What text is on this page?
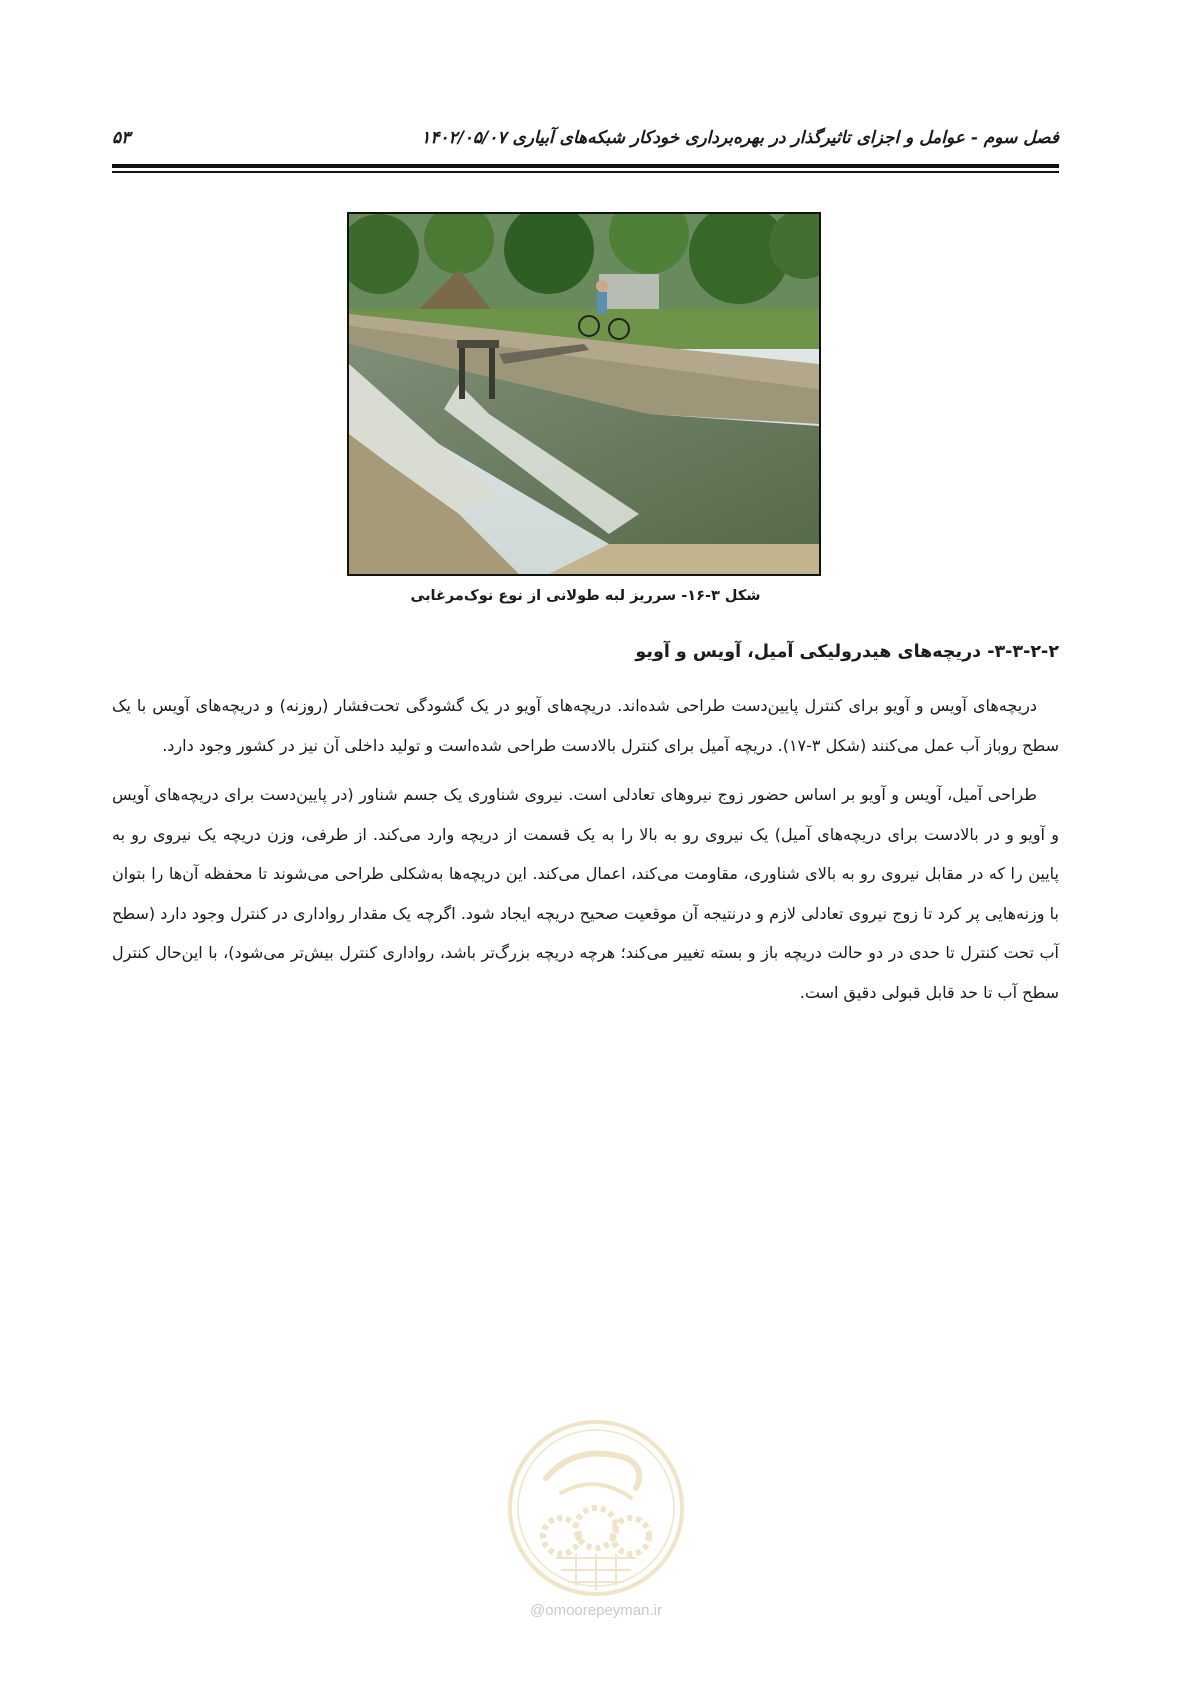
فصل سوم - عوامل و اجزای تاثیرگذار در بهره‌برداری خودکار شبکه‌های آبیاری ۱۴۰۲/۰۵/۰۷
۵۳
شکل ۳-۱۶- سرریز لبه طولانی از نوع نوک‌مرغابی
۳-۳-۲-۲- دریچه‌های هیدرولیکی آمیل، آویس و آویو

دریچه‌های آویس و آویو برای کنترل پایین‌دست طراحی شده‌اند. دریچه‌های آویو در یک گشودگی تحت‌فشار (روزنه) و دریچه‌های آویس با یک سطح روباز آب عمل می‌کنند (شکل ۳-۱۷). دریچه آمیل برای کنترل بالادست طراحی شده‌است و تولید داخلی آن نیز در کشور وجود دارد.

طراحی آمیل، آویس و آویو بر اساس حضور زوج نیروهای تعادلی است. نیروی شناوری یک جسم شناور (در پایین‌دست برای دریچه‌های آویس و آویو و در بالادست برای دریچه‌های آمیل) یک نیروی رو به بالا را به یک قسمت از دریچه وارد می‌کند. از طرفی، وزن دریچه یک نیروی رو به پایین را که در مقابل نیروی رو به بالای شناوری، مقاومت می‌کند، اعمال می‌کند. این دریچه‌ها به‌شکلی طراحی می‌شوند تا محفظه آن‌ها را بتوان با وزنه‌هایی پر کرد تا زوج نیروی تعادلی لازم و درنتیجه آن موقعیت صحیح دریچه ایجاد شود. اگرچه یک مقدار رواداری در کنترل وجود دارد (سطح آب تحت کنترل تا حدی در دو حالت دریچه باز و بسته تغییر می‌کند؛ هرچه دریچه بزرگ‌تر باشد، رواداری کنترل بیش‌تر می‌شود)، با این‌حال کنترل سطح آب تا حد قابل قبولی دقیق است.

@omoorepeyman.ir
